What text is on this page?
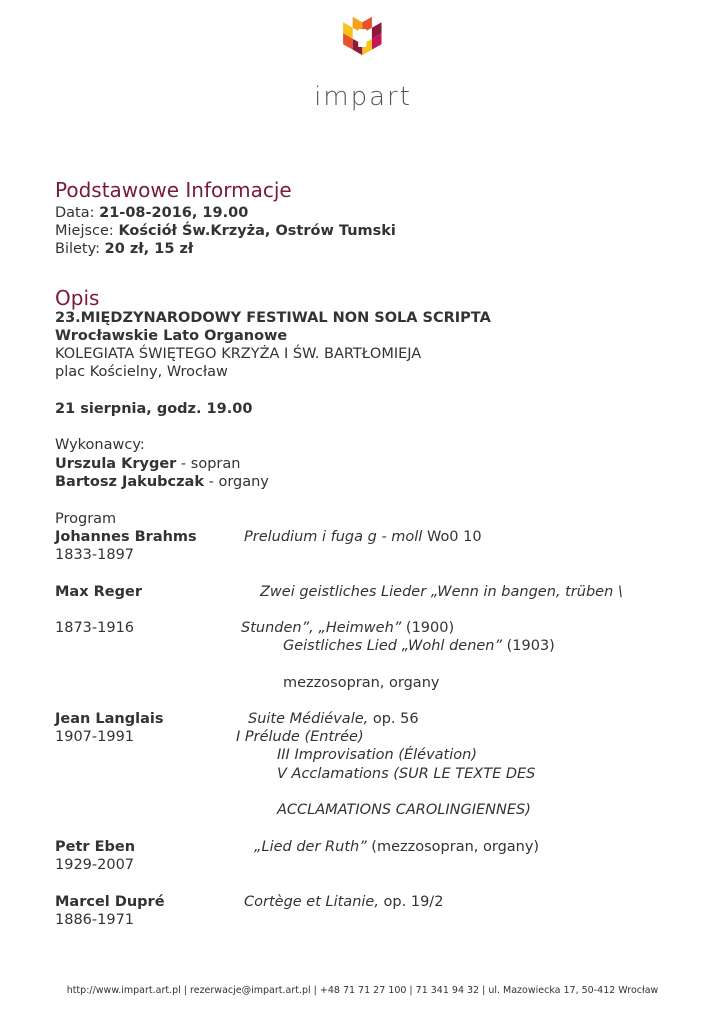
impart
Podstawowe Informacje
Data: 21-08-2016, 19.00
Miejsce: Kościół Św.Krzyża, Ostrów Tumski
Bilety: 20 zł, 15 zł
Opis
23.MIĘDZYNARODOWY FESTIWAL NON SOLA SCRIPTA
Wrocławskie Lato Organowe
KOLEGIATA ŚWIĘTEGO KRZYŻA I ŚW. BARTŁOMIEJA
plac Kościelny, Wrocław
21 sierpnia, godz. 19.00
Wykonawcy:
Urszula Kryger - sopran
Bartosz Jakubczak - organy
Program
Johannes Brahms	Preludium i fuga g - moll Wo0 10
1833-1897
Max Reger	Zwei geistliches Lieder „Wenn in bangen, trüben \
1873-1916	Stunden”, „Heimweh” (1900)
Geistliches Lied „Wohl denen” (1903)
mezzosopran, organy
Jean Langlais	Suite Médiévale, op. 56
1907-1991	I Prélude (Entrée)
III Improvisation (Élévation)
V Acclamations (SUR LE TEXTE DES
ACCLAMATIONS CAROLINGIENNES)
Petr Eben	„Lied der Ruth” (mezzosopran, organy)
1929-2007
Marcel Dupré	Cortège et Litanie, op. 19/2
1886-1971
http://www.impart.art.pl | rezerwacje@impart.art.pl | +48 71 71 27 100 | 71 341 94 32 | ul. Mazowiecka 17, 50-412 Wrocław
